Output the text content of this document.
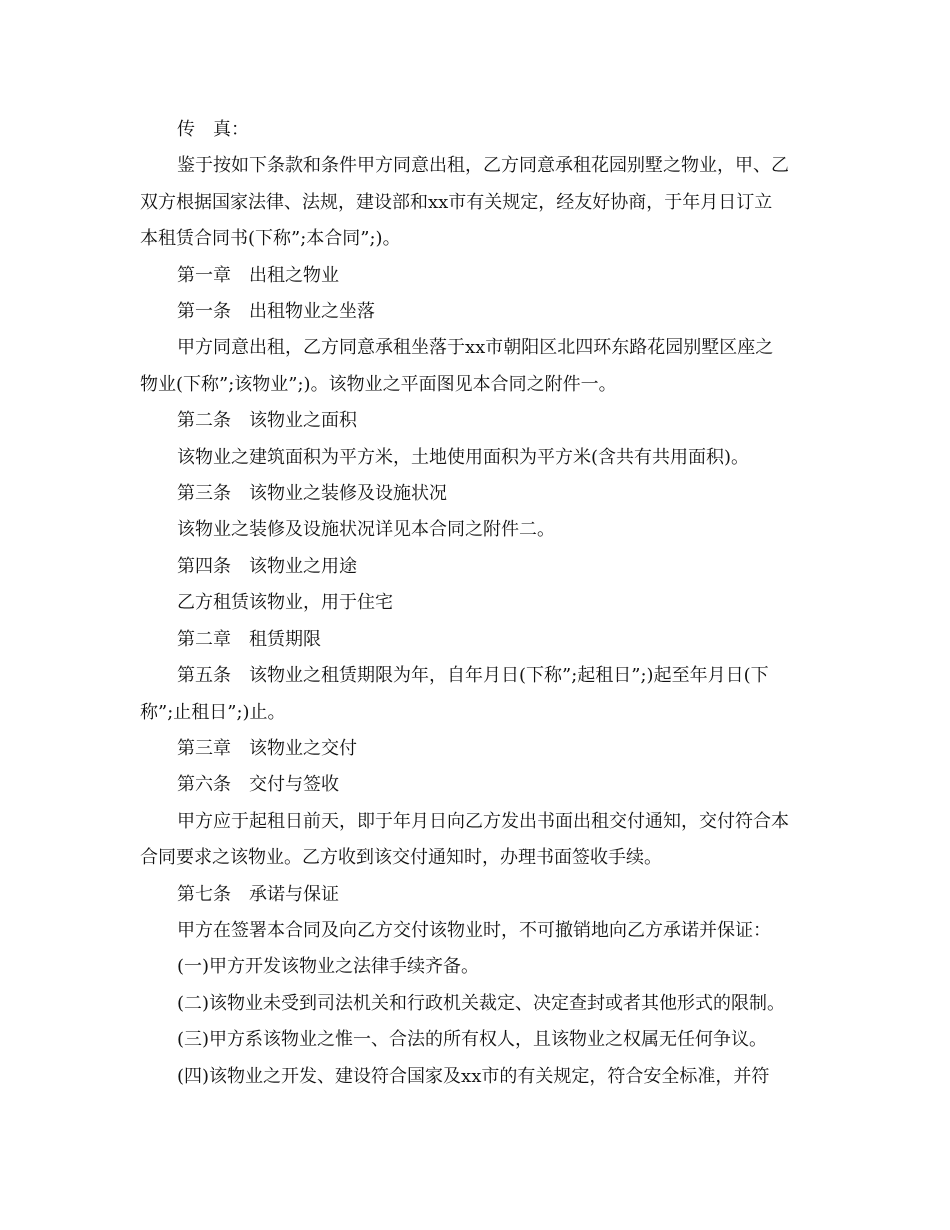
传　真：
鉴于按如下条款和条件甲方同意出租，乙方同意承租花园别墅之物业，甲、乙
双方根据国家法律、法规，建设部和xx市有关规定，经友好协商，于年月日订立
本租赁合同书(下称”;本合同”;)。
第一章　出租之物业
第一条　出租物业之坐落
甲方同意出租，乙方同意承租坐落于xx市朝阳区北四环东路花园别墅区座之
物业(下称”;该物业”;)。该物业之平面图见本合同之附件一。
第二条　该物业之面积
该物业之建筑面积为平方米，土地使用面积为平方米(含共有共用面积)。
第三条　该物业之装修及设施状况
该物业之装修及设施状况详见本合同之附件二。
第四条　该物业之用途
乙方租赁该物业，用于住宅
第二章　租赁期限
第五条　该物业之租赁期限为年，自年月日(下称”;起租日”;)起至年月日(下
称”;止租日”;)止。
第三章　该物业之交付
第六条　交付与签收
甲方应于起租日前天，即于年月日向乙方发出书面出租交付通知，交付符合本
合同要求之该物业。乙方收到该交付通知时，办理书面签收手续。
第七条　承诺与保证
甲方在签署本合同及向乙方交付该物业时，不可撤销地向乙方承诺并保证：
(一)甲方开发该物业之法律手续齐备。
(二)该物业未受到司法机关和行政机关裁定、决定查封或者其他形式的限制。
(三)甲方系该物业之惟一、合法的所有权人，且该物业之权属无任何争议。
(四)该物业之开发、建设符合国家及xx市的有关规定，符合安全标准，并符
